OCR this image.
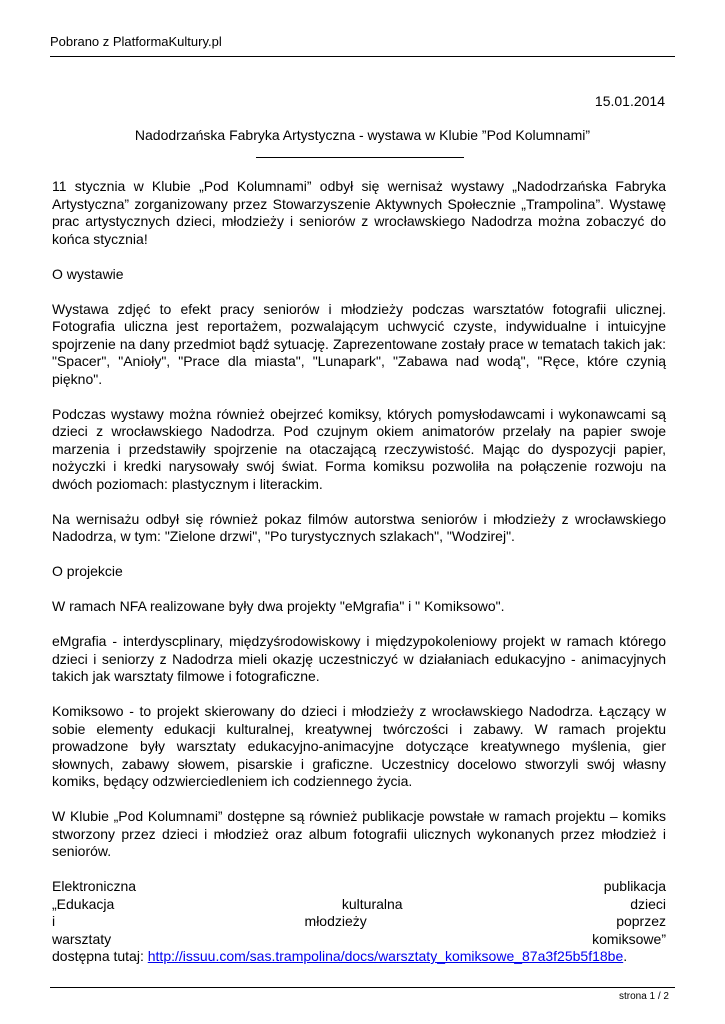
Pobrano z PlatformaKultury.pl
15.01.2014
Nadodrzańska Fabryka Artystyczna - wystawa w Klubie ”Pod Kolumnami”

11 stycznia w Klubie „Pod Kolumnami” odbył się wernisaż wystawy „Nadodrzańska Fabryka Artystyczna” zorganizowany przez Stowarzyszenie Aktywnych Społecznie „Trampolina”. Wystawę prac artystycznych dzieci, młodzieży i seniorów z wrocławskiego Nadodrza można zobaczyć do końca stycznia!

O wystawie

Wystawa zdjęć to efekt pracy seniorów i młodzieży podczas warsztatów fotografii ulicznej. Fotografia uliczna jest reportażem, pozwalającym uchwycić czyste, indywidualne i intuicyjne spojrzenie na dany przedmiot bądź sytuację. Zaprezentowane zostały prace w tematach takich jak: "Spacer", "Anioły", "Prace dla miasta", "Lunapark", "Zabawa nad wodą", "Ręce, które czynią piękno".

Podczas wystawy można również obejrzeć komiksy, których pomysłodawcami i wykonawcami są dzieci z wrocławskiego Nadodrza. Pod czujnym okiem animatorów przelały na papier swoje marzenia i przedstawiły spojrzenie na otaczającą rzeczywistość. Mając do dyspozycji papier, nożyczki i kredki narysowały swój świat. Forma komiksu pozwoliła na połączenie rozwoju na dwóch poziomach: plastycznym i literackim.

Na wernisażu odbył się również pokaz filmów autorstwa seniorów i młodzieży z wrocławskiego Nadodrza, w tym: "Zielone drzwi", "Po turystycznych szlakach", "Wodzirej".

O projekcie

W ramach NFA realizowane były dwa projekty "eMgrafia" i " Komiksowo".

eMgrafia - interdyscplinary, międzyśrodowiskowy i międzypokoleniowy projekt w ramach którego dzieci i seniorzy z Nadodrza mieli okazję uczestniczyć w działaniach edukacyjno - animacyjnych takich jak warsztaty filmowe i fotograficzne.

Komiksowo - to projekt skierowany do dzieci i młodzieży z wrocławskiego Nadodrza. Łączący w sobie elementy edukacji kulturalnej, kreatywnej twórczości i zabawy. W ramach projektu prowadzone były warsztaty edukacyjno-animacyjne dotyczące kreatywnego myślenia, gier słownych, zabawy słowem, pisarskie i graficzne. Uczestnicy docelowo stworzyli swój własny komiks, będący odzwierciedleniem ich codziennego życia.

W Klubie „Pod Kolumnami” dostępne są również publikacje powstałe w ramach projektu – komiks stworzony przez dzieci i młodzież oraz album fotografii ulicznych wykonanych przez młodzież i seniorów.

Elektroniczna publikacja
„Edukacja kulturalna dzieci
i młodzieży poprzez
warsztaty komiksowe”
dostępna tutaj: http://issuu.com/sas.trampolina/docs/warsztaty_komiksowe_87a3f25b5f18be.
strona 1 / 2
